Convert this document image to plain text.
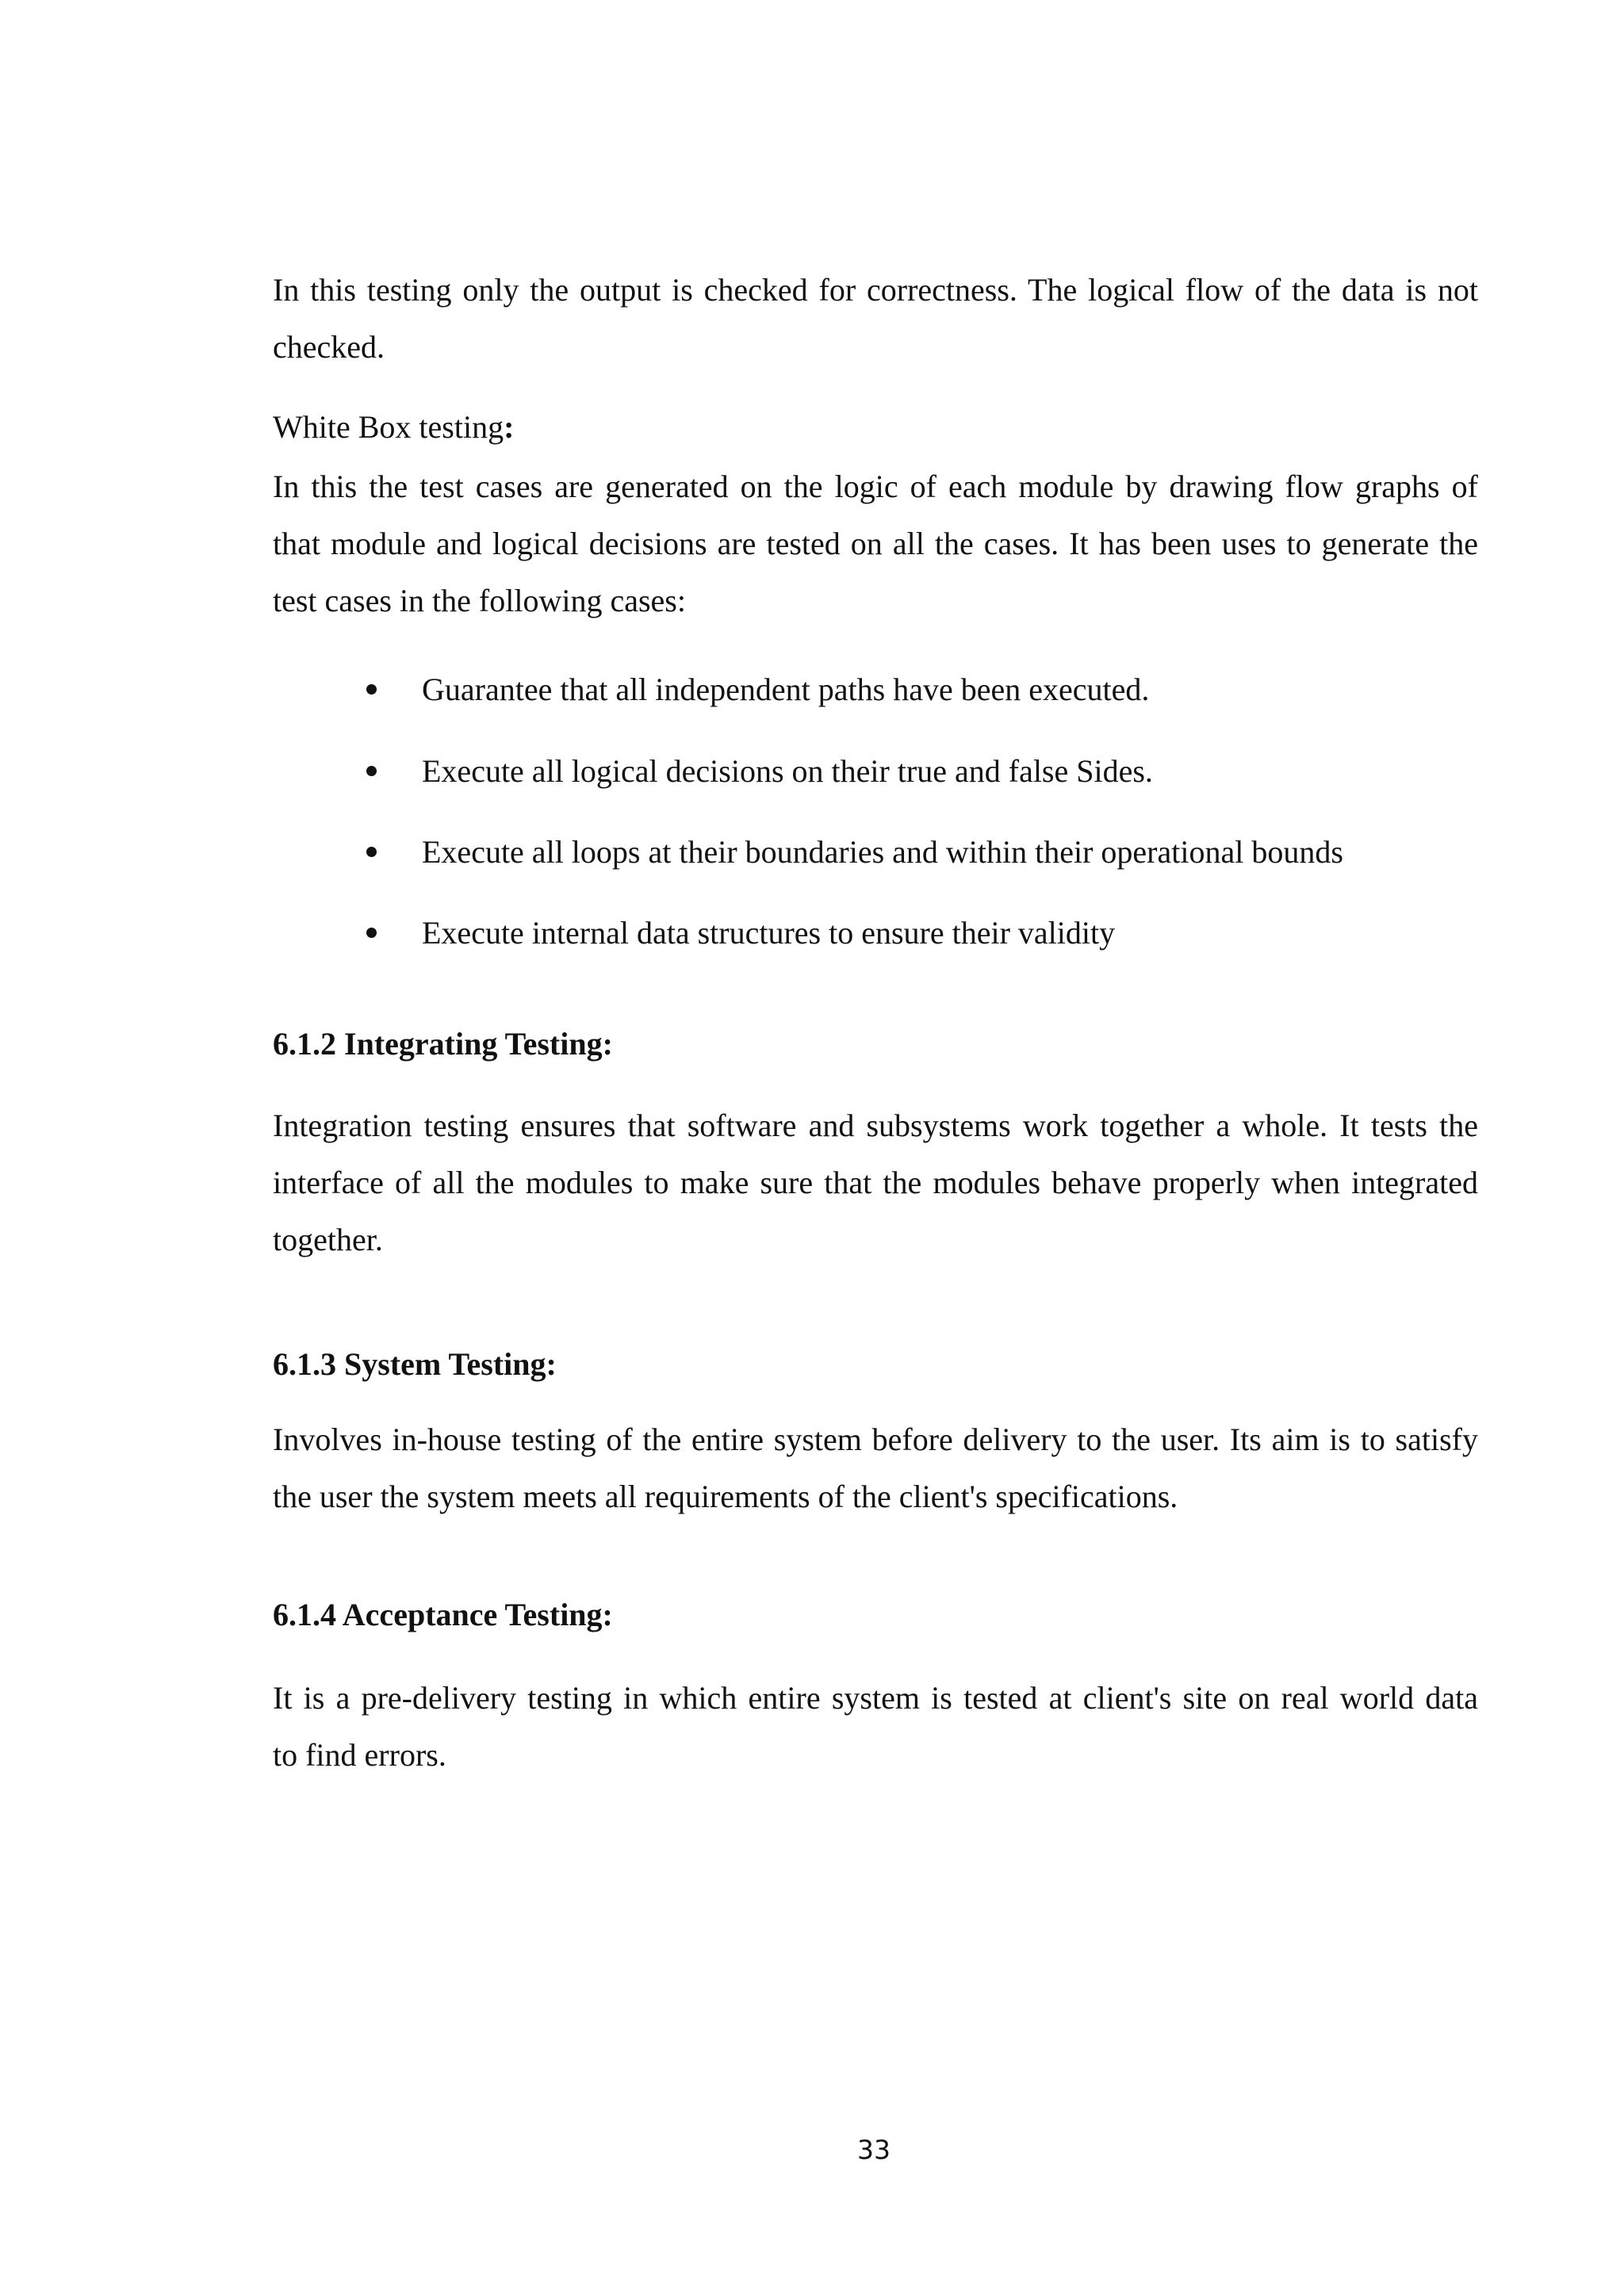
In this testing only the output is checked for correctness. The logical flow of the data is not
checked.

White Box testing:

In this the test cases are generated on the logic of each module by drawing flow graphs of
that module and logical decisions are tested on all the cases. It has been uses to generate the
test cases in the following cases:

Guarantee that all independent paths have been executed.
Execute all logical decisions on their true and false Sides.
Execute all loops at their boundaries and within their operational bounds
Execute internal data structures to ensure their validity
6.1.2 Integrating Testing:

Integration testing ensures that software and subsystems work together a whole. It tests the
interface of all the modules to make sure that the modules behave properly when integrated
together.

6.1.3 System Testing:

Involves in-house testing of the entire system before delivery to the user. Its aim is to satisfy
the user the system meets all requirements of the client's specifications.

6.1.4 Acceptance Testing:

It is a pre-delivery testing in which entire system is tested at client's site on real world data
to find errors.

33
